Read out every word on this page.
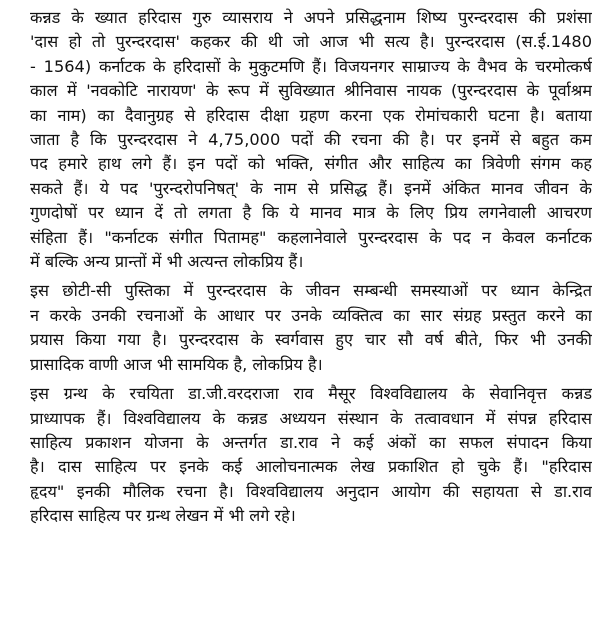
कन्नड के ख्यात हरिदास गुरु व्यासराय ने अपने प्रसिद्धनाम शिष्य पुरन्दरदास की प्रशंसा
'दास हो तो पुरन्दरदास' कहकर की थी जो आज भी सत्य है। पुरन्दरदास (स.ई.1480
- 1564) कर्नाटक के हरिदासों के मुकुटमणि हैं। विजयनगर साम्राज्य के वैभव के चरमोत्कर्ष
काल में 'नवकोटि नारायण' के रूप में सुविख्यात श्रीनिवास नायक (पुरन्दरदास के पूर्वाश्रम
का नाम) का दैवानुग्रह से हरिदास दीक्षा ग्रहण करना एक रोमांचकारी घटना है। बताया
जाता है कि पुरन्दरदास ने 4,75,000 पदों की रचना की है। पर इनमें से बहुत कम
पद हमारे हाथ लगे हैं। इन पदों को भक्ति, संगीत और साहित्य का त्रिवेणी संगम कह
सकते हैं। ये पद 'पुरन्दरोपनिषत्' के नाम से प्रसिद्ध हैं। इनमें अंकित मानव जीवन के
गुणदोषों पर ध्यान दें तो लगता है कि ये मानव मात्र के लिए प्रिय लगनेवाली आचरण
संहिता हैं। "कर्नाटक संगीत पितामह" कहलानेवाले पुरन्दरदास के पद न केवल कर्नाटक
में बल्कि अन्य प्रान्तों में भी अत्यन्त लोकप्रिय हैं।

इस छोटी-सी पुस्तिका में पुरन्दरदास के जीवन सम्बन्धी समस्याओं पर ध्यान केन्द्रित
न करके उनकी रचनाओं के आधार पर उनके व्यक्तित्व का सार संग्रह प्रस्तुत करने का
प्रयास किया गया है। पुरन्दरदास के स्वर्गवास हुए चार सौ वर्ष बीते, फिर भी उनकी
प्रासादिक वाणी आज भी सामयिक है, लोकप्रिय है।

इस ग्रन्थ के रचयिता डा.जी.वरदराजा राव मैसूर विश्वविद्यालय के सेवानिवृत्त कन्नड
प्राध्यापक हैं। विश्वविद्यालय के कन्नड अध्ययन संस्थान के तत्वावधान में संपन्न हरिदास
साहित्य प्रकाशन योजना के अन्तर्गत डा.राव ने कई अंकों का सफल संपादन किया
है। दास साहित्य पर इनके कई आलोचनात्मक लेख प्रकाशित हो चुके हैं। "हरिदास
हृदय" इनकी मौलिक रचना है। विश्वविद्यालय अनुदान आयोग की सहायता से डा.राव
हरिदास साहित्य पर ग्रन्थ लेखन में भी लगे रहे।
